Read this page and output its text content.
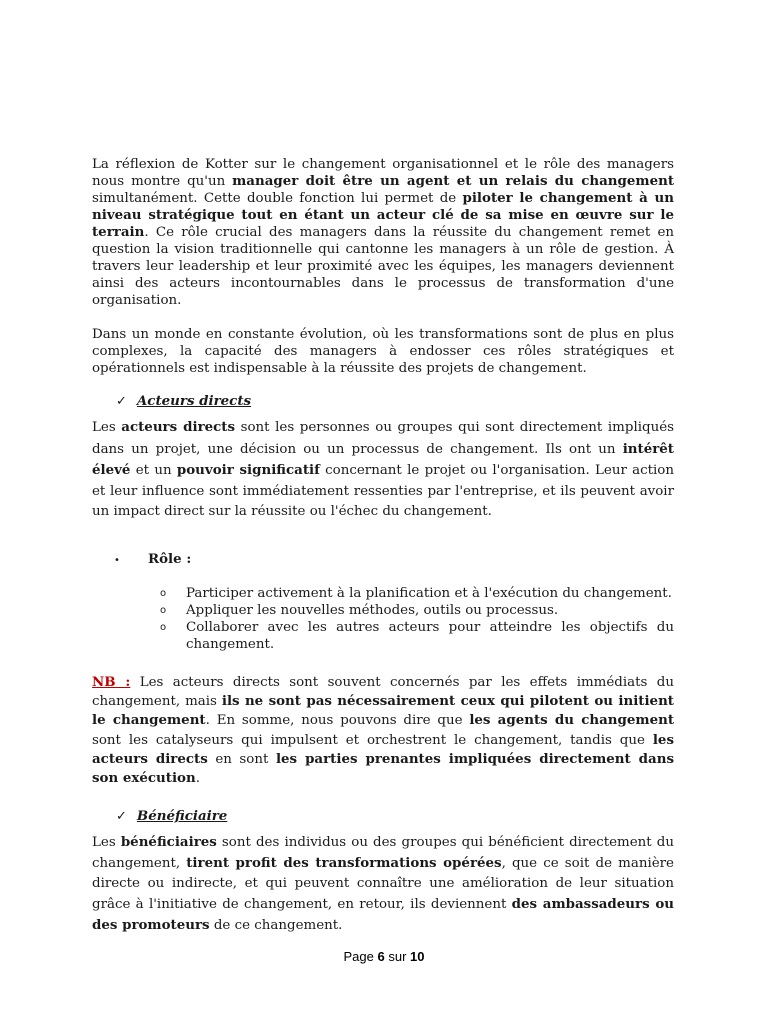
La réflexion de Kotter sur le changement organisationnel et le rôle des managers nous montre qu'un manager doit être un agent et un relais du changement simultanément. Cette double fonction lui permet de piloter le changement à un niveau stratégique tout en étant un acteur clé de sa mise en œuvre sur le terrain. Ce rôle crucial des managers dans la réussite du changement remet en question la vision traditionnelle qui cantonne les managers à un rôle de gestion. À travers leur leadership et leur proximité avec les équipes, les managers deviennent ainsi des acteurs incontournables dans le processus de transformation d'une organisation.

Dans un monde en constante évolution, où les transformations sont de plus en plus complexes, la capacité des managers à endosser ces rôles stratégiques et opérationnels est indispensable à la réussite des projets de changement.

✓ Acteurs directs

Les acteurs directs sont les personnes ou groupes qui sont directement impliqués dans un projet, une décision ou un processus de changement. Ils ont un intérêt élevé et un pouvoir significatif concernant le projet ou l'organisation. Leur action et leur influence sont immédiatement ressenties par l'entreprise, et ils peuvent avoir un impact direct sur la réussite ou l'échec du changement.

• Rôle :
o Participer activement à la planification et à l'exécution du changement.
o Appliquer les nouvelles méthodes, outils ou processus.
o Collaborer avec les autres acteurs pour atteindre les objectifs du changement.

NB : Les acteurs directs sont souvent concernés par les effets immédiats du changement, mais ils ne sont pas nécessairement ceux qui pilotent ou initient le changement. En somme, nous pouvons dire que les agents du changement sont les catalyseurs qui impulsent et orchestrent le changement, tandis que les acteurs directs en sont les parties prenantes impliquées directement dans son exécution.

✓ Bénéficiaire

Les bénéficiaires sont des individus ou des groupes qui bénéficient directement du changement, tirent profit des transformations opérées, que ce soit de manière directe ou indirecte, et qui peuvent connaître une amélioration de leur situation grâce à l'initiative de changement, en retour, ils deviennent des ambassadeurs ou des promoteurs de ce changement.

Page 6 sur 10
